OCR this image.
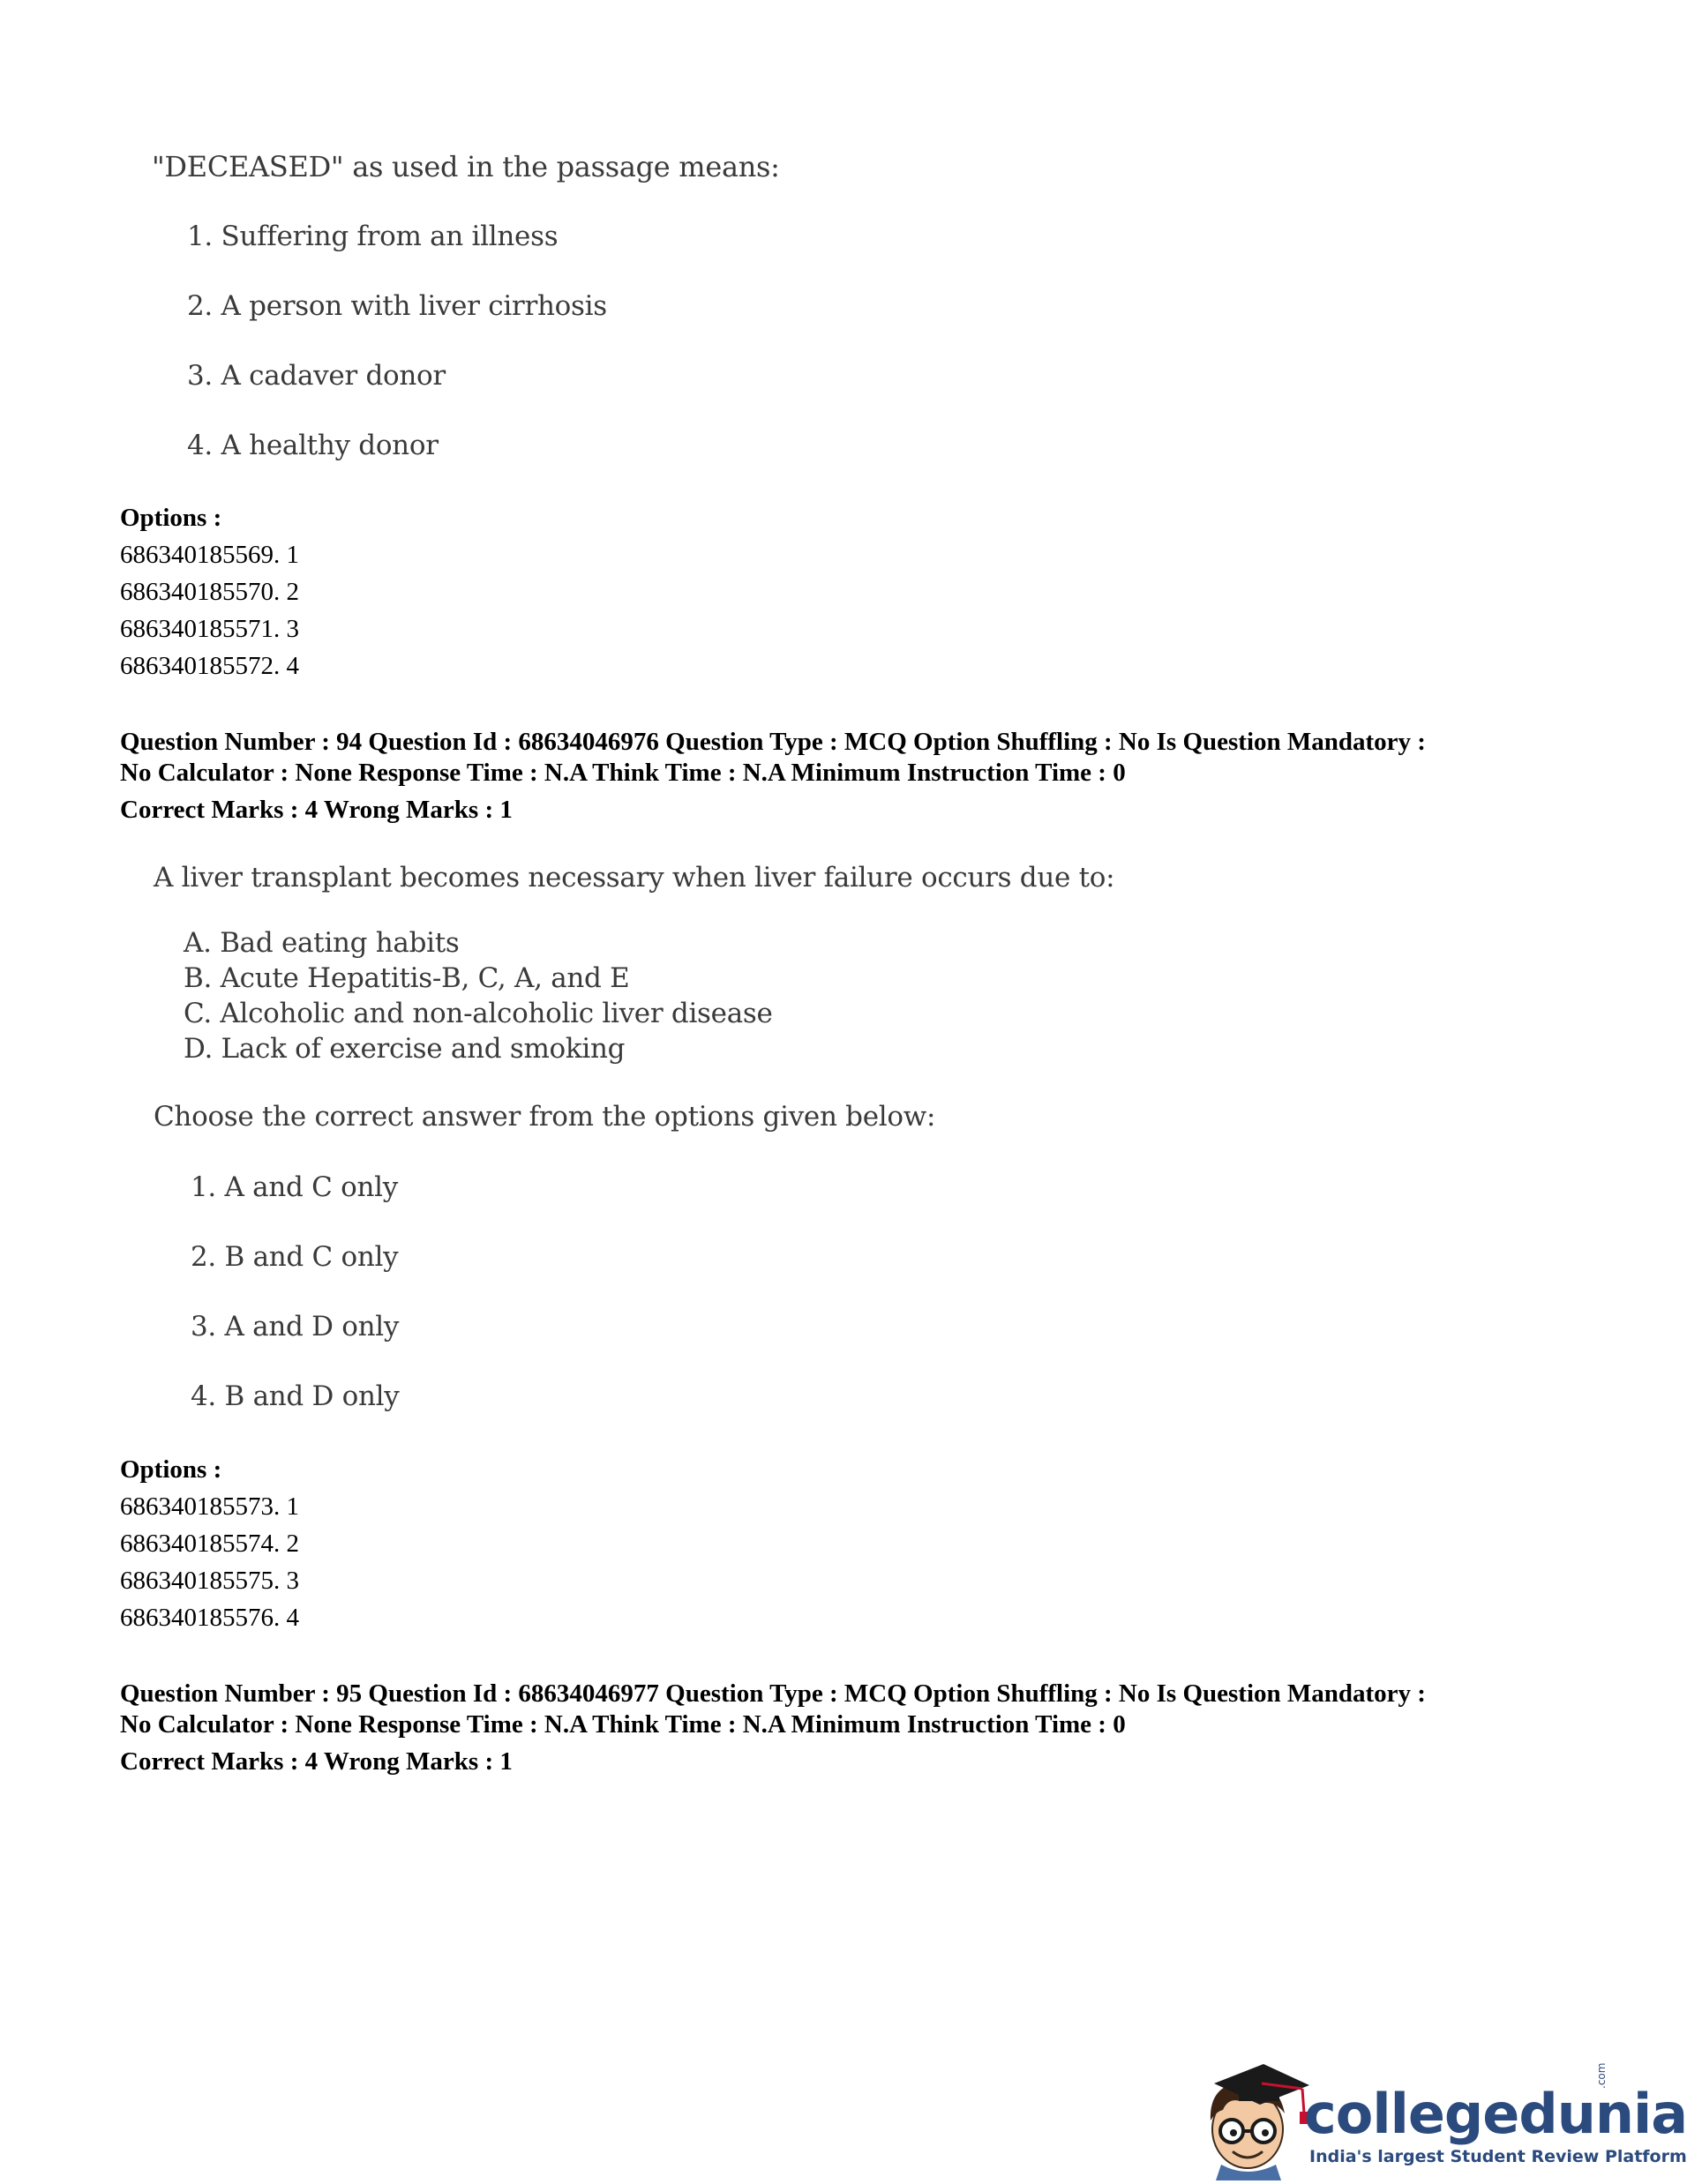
"DECEASED" as used in the passage means:
1. Suffering from an illness
2. A person with liver cirrhosis
3. A cadaver donor
4. A healthy donor
Options :
686340185569. 1
686340185570. 2
686340185571. 3
686340185572. 4
Question Number : 94 Question Id : 68634046976 Question Type : MCQ Option Shuffling : No Is Question Mandatory :
No Calculator : None Response Time : N.A Think Time : N.A Minimum Instruction Time : 0
Correct Marks : 4 Wrong Marks : 1
A liver transplant becomes necessary when liver failure occurs due to:
A. Bad eating habits
B. Acute Hepatitis-B, C, A, and E
C. Alcoholic and non-alcoholic liver disease
D. Lack of exercise and smoking
Choose the correct answer from the options given below:
1. A and C only
2. B and C only
3. A and D only
4. B and D only
Options :
686340185573. 1
686340185574. 2
686340185575. 3
686340185576. 4
Question Number : 95 Question Id : 68634046977 Question Type : MCQ Option Shuffling : No Is Question Mandatory :
No Calculator : None Response Time : N.A Think Time : N.A Minimum Instruction Time : 0
Correct Marks : 4 Wrong Marks : 1
collegedunia
.com
India's largest Student Review Platform
